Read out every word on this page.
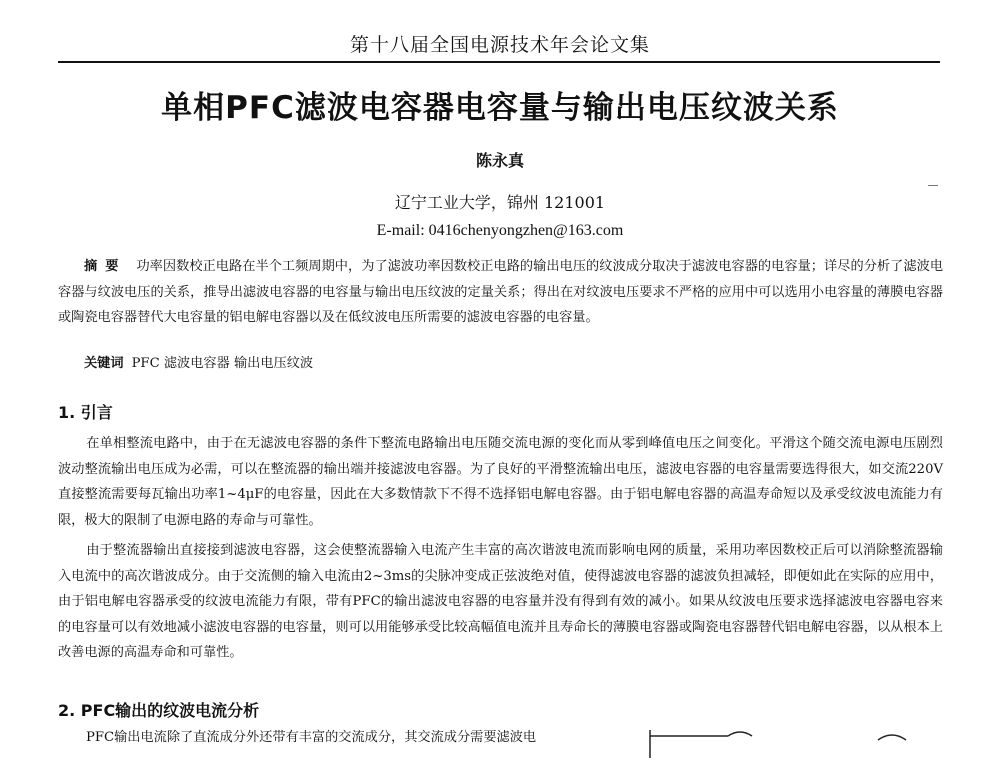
第十八届全国电源技术年会论文集
单相PFC滤波电容器电容量与输出电压纹波关系
陈永真
辽宁工业大学，锦州 121001
E-mail: 0416chenyongzhen@163.com
摘要 功率因数校正电路在半个工频周期中，为了滤波功率因数校正电路的输出电压的纹波成分取决于滤波电容器的电容量；详尽的分析了滤波电容器与纹波电压的关系，推导出滤波电容器的电容量与输出电压纹波的定量关系；得出在对纹波电压要求不严格的应用中可以选用小电容量的薄膜电容器或陶瓷电容器替代大电容量的铝电解电容器以及在低纹波电压所需要的滤波电容器的电容量。
关键词 PFC 滤波电容器 输出电压纹波
1. 引言
在单相整流电路中，由于在无滤波电容器的条件下整流电路输出电压随交流电源的变化而从零到峰值电压之间变化。平滑这个随交流电源电压剧烈波动整流输出电压成为必需，可以在整流器的输出端并接滤波电容器。为了良好的平滑整流输出电压，滤波电容器的电容量需要选得很大，如交流220V直接整流需要每瓦输出功率1~4μF的电容量，因此在大多数情款下不得不选择铝电解电容器。由于铝电解电容器的高温寿命短以及承受纹波电流能力有限，极大的限制了电源电路的寿命与可靠性。
由于整流器输出直接接到滤波电容器，这会使整流器输入电流产生丰富的高次谐波电流而影响电网的质量，采用功率因数校正后可以消除整流器输入电流中的高次谐波成分。由于交流侧的输入电流由2~3ms的尖脉冲变成正弦波绝对值，使得滤波电容器的滤波负担减轻，即便如此在实际的应用中，由于铝电解电容器承受的纹波电流能力有限，带有PFC的输出滤波电容器的电容量并没有得到有效的减小。如果从纹波电压要求选择滤波电容器电容来的电容量可以有效地减小滤波电容器的电容量，则可以用能够承受比较高幅值电流并且寿命长的薄膜电容器或陶瓷电容器替代铝电解电容器，以从根本上改善电源的高温寿命和可靠性。
2. PFC输出的纹波电流分析
PFC输出电流除了直流成分外还带有丰富的交流成分，其交流成分需要滤波电
